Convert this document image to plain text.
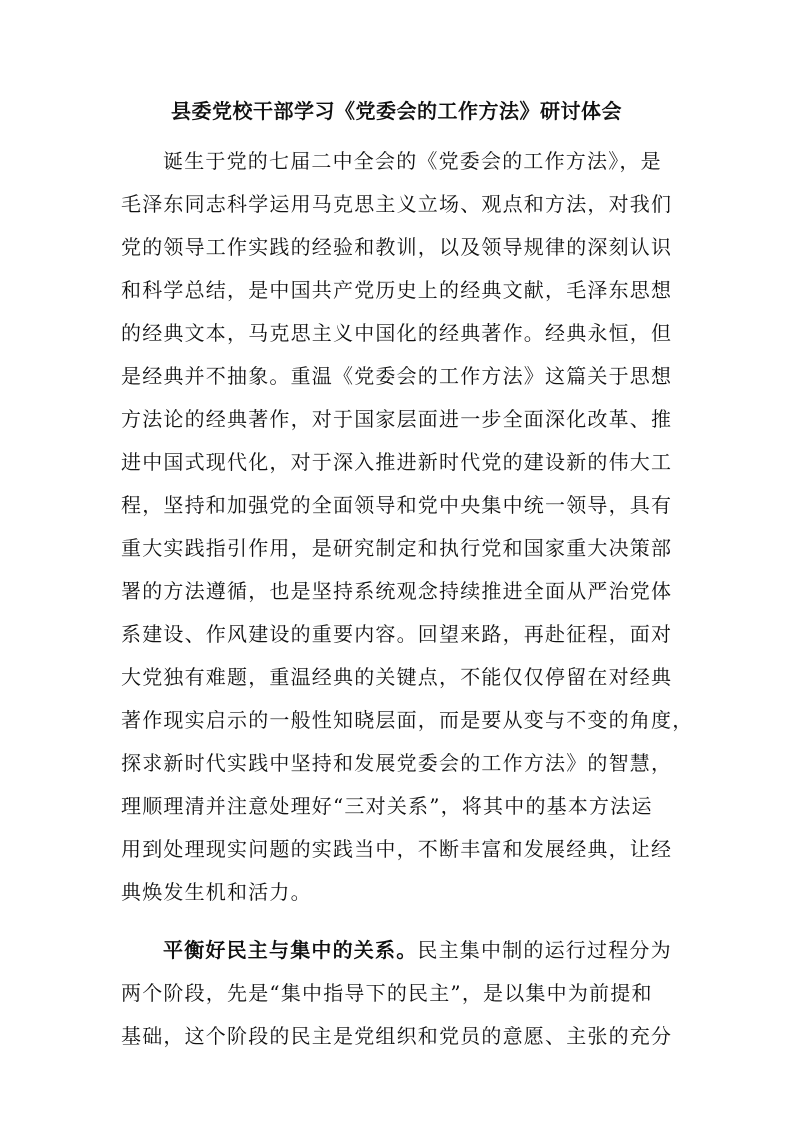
县委党校干部学习《党委会的工作方法》研讨体会
诞生于党的七届二中全会的《党委会的工作方法》，是
毛泽东同志科学运用马克思主义立场、观点和方法，对我们
党的领导工作实践的经验和教训，以及领导规律的深刻认识
和科学总结，是中国共产党历史上的经典文献，毛泽东思想
的经典文本，马克思主义中国化的经典著作。经典永恒，但
是经典并不抽象。重温《党委会的工作方法》这篇关于思想
方法论的经典著作，对于国家层面进一步全面深化改革、推
进中国式现代化，对于深入推进新时代党的建设新的伟大工
程，坚持和加强党的全面领导和党中央集中统一领导，具有
重大实践指引作用，是研究制定和执行党和国家重大决策部
署的方法遵循，也是坚持系统观念持续推进全面从严治党体
系建设、作风建设的重要内容。回望来路，再赴征程，面对
大党独有难题，重温经典的关键点，不能仅仅停留在对经典
著作现实启示的一般性知晓层面，而是要从变与不变的角度，
探求新时代实践中坚持和发展党委会的工作方法》的智慧，
理顺理清并注意处理好“三对关系”，将其中的基本方法运
用到处理现实问题的实践当中，不断丰富和发展经典，让经
典焕发生机和活力。
平衡好民主与集中的关系。民主集中制的运行过程分为
两个阶段，先是“集中指导下的民主”，是以集中为前提和
基础，这个阶段的民主是党组织和党员的意愿、主张的充分
